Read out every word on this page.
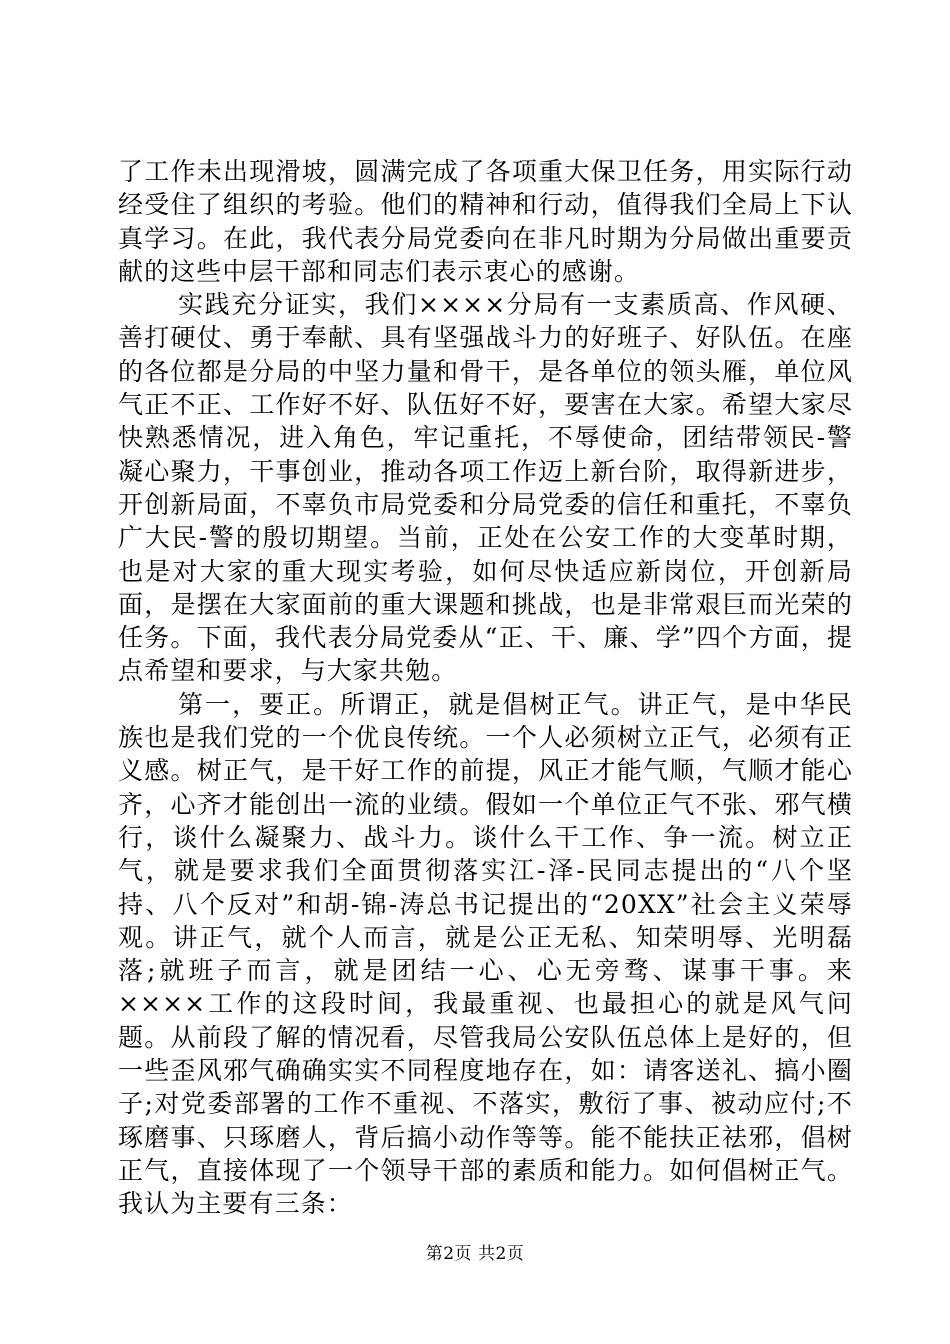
了工作未出现滑坡，圆满完成了各项重大保卫任务，用实际行动经受住了组织的考验。他们的精神和行动，值得我们全局上下认真学习。在此，我代表分局党委向在非凡时期为分局做出重要贡献的这些中层干部和同志们表示衷心的感谢。

实践充分证实，我们××××分局有一支素质高、作风硬、善打硬仗、勇于奉献、具有坚强战斗力的好班子、好队伍。在座的各位都是分局的中坚力量和骨干，是各单位的领头雁，单位风气正不正、工作好不好、队伍好不好，要害在大家。希望大家尽快熟悉情况，进入角色，牢记重托，不辱使命，团结带领民-警凝心聚力，干事创业，推动各项工作迈上新台阶，取得新进步，开创新局面，不辜负市局党委和分局党委的信任和重托，不辜负广大民-警的殷切期望。当前，正处在公安工作的大变革时期，也是对大家的重大现实考验，如何尽快适应新岗位，开创新局面，是摆在大家面前的重大课题和挑战，也是非常艰巨而光荣的任务。下面，我代表分局党委从“正、干、廉、学”四个方面，提点希望和要求，与大家共勉。

第一，要正。所谓正，就是倡树正气。讲正气，是中华民族也是我们党的一个优良传统。一个人必须树立正气，必须有正义感。树正气，是干好工作的前提，风正才能气顺，气顺才能心齐，心齐才能创出一流的业绩。假如一个单位正气不张、邪气横行，谈什么凝聚力、战斗力。谈什么干工作、争一流。树立正气，就是要求我们全面贯彻落实江-泽-民同志提出的“八个坚持、八个反对”和胡-锦-涛总书记提出的“20XX”社会主义荣辱观。讲正气，就个人而言，就是公正无私、知荣明辱、光明磊落;就班子而言，就是团结一心、心无旁骛、谋事干事。来××××工作的这段时间，我最重视、也最担心的就是风气问题。从前段了解的情况看，尽管我局公安队伍总体上是好的，但一些歪风邪气确确实实不同程度地存在，如：请客送礼、搞小圈子;对党委部署的工作不重视、不落实，敷衍了事、被动应付;不琢磨事、只琢磨人，背后搞小动作等等。能不能扶正祛邪，倡树正气，直接体现了一个领导干部的素质和能力。如何倡树正气。我认为主要有三条：

第2页 共2页
